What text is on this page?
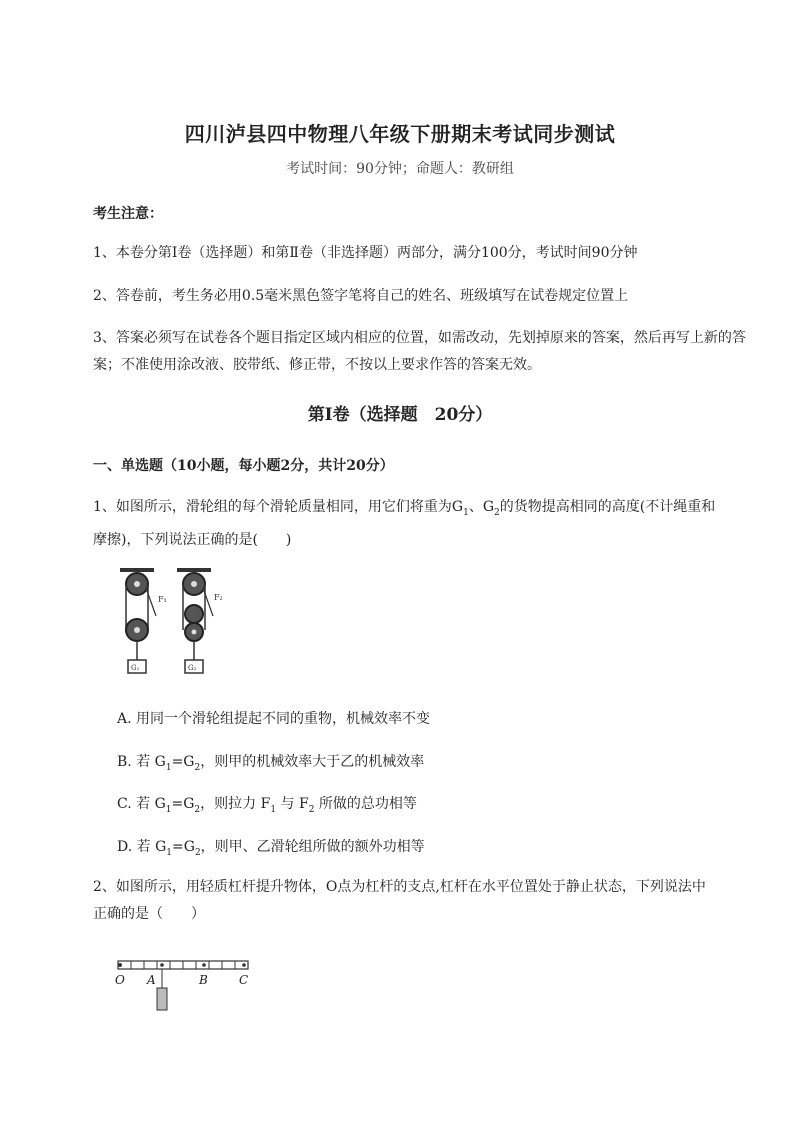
四川泸县四中物理八年级下册期末考试同步测试
考试时间：90分钟；命题人：教研组
考生注意：
1、本卷分第Ⅰ卷（选择题）和第Ⅱ卷（非选择题）两部分，满分100分，考试时间90分钟
2、答卷前，考生务必用0.5毫米黑色签字笔将自己的姓名、班级填写在试卷规定位置上
3、答案必须写在试卷各个题目指定区域内相应的位置，如需改动，先划掉原来的答案，然后再写上新的答案；不准使用涂改液、胶带纸、修正带，不按以上要求作答的答案无效。
第Ⅰ卷（选择题　20分）
一、单选题（10小题，每小题2分，共计20分）
1、如图所示，滑轮组的每个滑轮质量相同，用它们将重为$G_1$、$G_2$的货物提高相同的高度(不计绳重和
摩擦)，下列说法正确的是(　　)
F₁
G₁
F₂
G₂
A. 用同一个滑轮组提起不同的重物，机械效率不变
B. 若 $G_1=G_2$，则甲的机械效率大于乙的机械效率
C. 若 $G_1=G_2$，则拉力 $F_1$ 与 $F_2$ 所做的总功相等
D. 若 $G_1=G_2$，则甲、乙滑轮组所做的额外功相等
2、如图所示，用轻质杠杆提升物体，O点为杠杆的支点,杠杆在水平位置处于静止状态，下列说法中
正确的是（　　）
O A	B	C
